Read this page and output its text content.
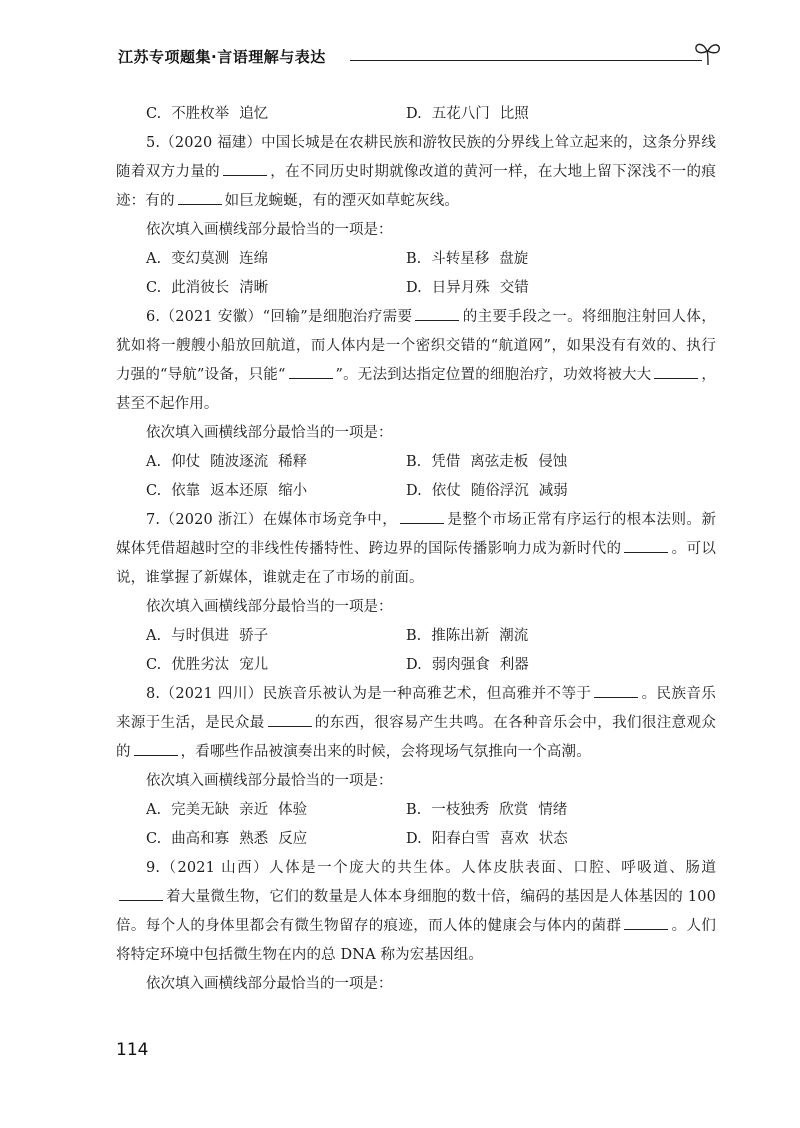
江苏专项题集·言语理解与表达
C. 不胜枚举 追忆	D. 五花八门 比照

5.（2020 福建）中国长城是在农耕民族和游牧民族的分界线上耸立起来的，这条分界线随着双方力量的	，在不同历史时期就像改道的黄河一样，在大地上留下深浅不一的痕迹：有的	如巨龙蜿蜒，有的湮灭如草蛇灰线。

依次填入画横线部分最恰当的一项是：

A. 变幻莫测 连绵	B. 斗转星移 盘旋
C. 此消彼长 清晰	D. 日异月殊 交错

6.（2021 安徽）“回输”是细胞治疗需要	的主要手段之一。将细胞注射回人体，犹如将一艘艘小船放回航道，而人体内是一个密织交错的“航道网”，如果没有有效的、执行力强的“导航”设备，只能“	”。无法到达指定位置的细胞治疗，功效将被大大	，甚至不起作用。

依次填入画横线部分最恰当的一项是：

A. 仰仗 随波逐流 稀释	B. 凭借 离弦走板 侵蚀
C. 依靠 返本还原 缩小	D. 依仗 随俗浮沉 减弱

7.（2020 浙江）在媒体市场竞争中，	是整个市场正常有序运行的根本法则。新媒体凭借超越时空的非线性传播特性、跨边界的国际传播影响力成为新时代的	。可以说，谁掌握了新媒体，谁就走在了市场的前面。

依次填入画横线部分最恰当的一项是：

A. 与时俱进 骄子	B. 推陈出新 潮流
C. 优胜劣汰 宠儿	D. 弱肉强食 利器

8.（2021 四川）民族音乐被认为是一种高雅艺术，但高雅并不等于	。民族音乐来源于生活，是民众最	的东西，很容易产生共鸣。在各种音乐会中，我们很注意观众的	，看哪些作品被演奏出来的时候，会将现场气氛推向一个高潮。

依次填入画横线部分最恰当的一项是：

A. 完美无缺 亲近 体验	B. 一枝独秀 欣赏 情绪
C. 曲高和寡 熟悉 反应	D. 阳春白雪 喜欢 状态

9.（2021 山西）人体是一个庞大的共生体。人体皮肤表面、口腔、呼吸道、肠道着大量微生物，它们的数量是人体本身细胞的数十倍，编码的基因是人体基因的 100 倍。每个人的身体里都会有微生物留存的痕迹，而人体的健康会与体内的菌群	。人们将特定环境中包括微生物在内的总 DNA 称为宏基因组。

依次填入画横线部分最恰当的一项是：

114
